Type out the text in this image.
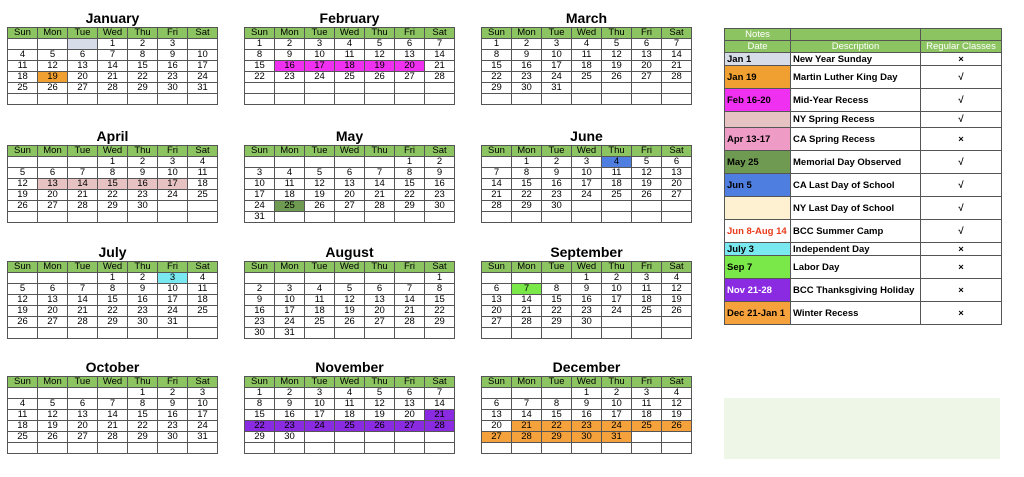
January
Sun	Mon	Tue	Wed	Thu	Fri	Sat
			1	2	3	
4	5	6	7	8	9	10
11	12	13	14	15	16	17
18	19	20	21	22	23	24
25	26	27	28	29	30	31

February
Sun	Mon	Tue	Wed	Thu	Fri	Sat
1	2	3	4	5	6	7
8	9	10	11	12	13	14
15	16	17	18	19	20	21
22	23	24	25	26	27	28

March
Sun	Mon	Tue	Wed	Thu	Fri	Sat
1	2	3	4	5	6	7
8	9	10	11	12	13	14
15	16	17	18	19	20	21
22	23	24	25	26	27	28
29	30	31				

April
Sun	Mon	Tue	Wed	Thu	Fri	Sat
			1	2	3	4
5	6	7	8	9	10	11
12	13	14	15	16	17	18
19	20	21	22	23	24	25
26	27	28	29	30		

May
Sun	Mon	Tue	Wed	Thu	Fri	Sat
					1	2
3	4	5	6	7	8	9
10	11	12	13	14	15	16
17	18	19	20	21	22	23
24	25	26	27	28	29	30
31						
June
Sun	Mon	Tue	Wed	Thu	Fri	Sat
	1	2	3	4	5	6
7	8	9	10	11	12	13
14	15	16	17	18	19	20
21	22	23	24	25	26	27
28	29	30				

July
Sun	Mon	Tue	Wed	Thu	Fri	Sat
			1	2	3	4
5	6	7	8	9	10	11
12	13	14	15	16	17	18
19	20	21	22	23	24	25
26	27	28	29	30	31	

August
Sun	Mon	Tue	Wed	Thu	Fri	Sat
						1
2	3	4	5	6	7	8
9	10	11	12	13	14	15
16	17	18	19	20	21	22
23	24	25	26	27	28	29
30	31					
September
Sun	Mon	Tue	Wed	Thu	Fri	Sat
			1	2	3	4
6	7	8	9	10	11	12
13	14	15	16	17	18	19
20	21	22	23	24	25	26
27	28	29	30			

October
Sun	Mon	Tue	Wed	Thu	Fri	Sat
				1	2	3
4	5	6	7	8	9	10
11	12	13	14	15	16	17
18	19	20	21	22	23	24
25	26	27	28	29	30	31

November
Sun	Mon	Tue	Wed	Thu	Fri	Sat
1	2	3	4	5	6	7
8	9	10	11	12	13	14
15	16	17	18	19	20	21
22	23	24	25	26	27	28
29	30					

December
Sun	Mon	Tue	Wed	Thu	Fri	Sat
			1	2	3	4
6	7	8	9	10	11	12
13	14	15	16	17	18	19
20	21	22	23	24	25	26
27	28	29	30	31		

Notes		
Date	Description	Regular Classes
Jan 1	New Year Sunday	×
Jan 19	Martin Luther King Day	√
Feb 16-20	Mid-Year Recess	√
	NY Spring Recess	√
Apr 13-17	CA Spring Recess	×
May 25	Memorial Day Observed	√
Jun 5	CA Last Day of School	√
	NY Last Day of School	√
Jun 8-Aug 14	BCC Summer Camp	√
July 3	Independent Day	×
Sep 7	Labor Day	×
Nov 21-28	BCC Thanksgiving Holiday	×
Dec 21-Jan 1	Winter Recess	×
